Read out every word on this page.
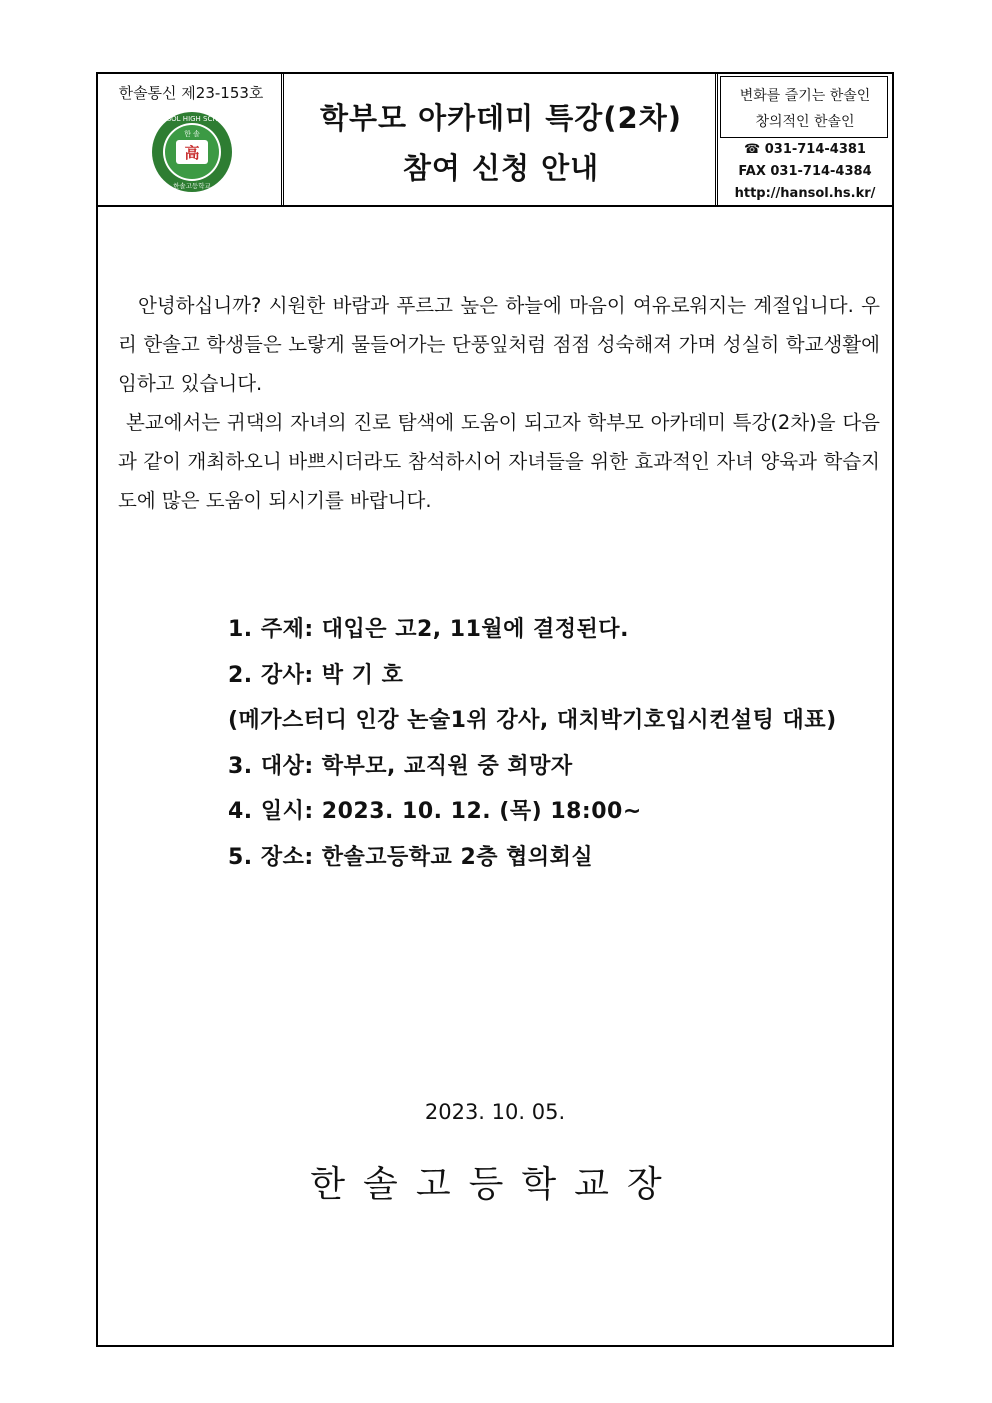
한솔통신 제23-153호
HANSOL HIGH SCHOOL
한 솔
高
한솔고등학교
학부모 아카데미 특강(2차)
참여 신청 안내
변화를 즐기는 한솔인
창의적인 한솔인
☎ 031-714-4381
FAX 031-714-4384
http://hansol.hs.kr/
안녕하십니까? 시원한 바람과 푸르고 높은 하늘에 마음이 여유로워지는 계절입니다. 우리 한솔고 학생들은 노랗게 물들어가는 단풍잎처럼 점점 성숙해져 가며 성실히 학교생활에 임하고 있습니다.
본교에서는 귀댁의 자녀의 진로 탐색에 도움이 되고자 학부모 아카데미 특강(2차)을 다음과 같이 개최하오니 바쁘시더라도 참석하시어 자녀들을 위한 효과적인 자녀 양육과 학습지도에 많은 도움이 되시기를 바랍니다.
1. 주제: 대입은 고2, 11월에 결정된다.
2. 강사: 박 기 호
(메가스터디 인강 논술1위 강사, 대치박기호입시컨설팅 대표)
3. 대상: 학부모, 교직원 중 희망자
4. 일시: 2023. 10. 12. (목) 18:00~
5. 장소: 한솔고등학교 2층 협의회실
2023. 10. 05.
한솔고등학교장
